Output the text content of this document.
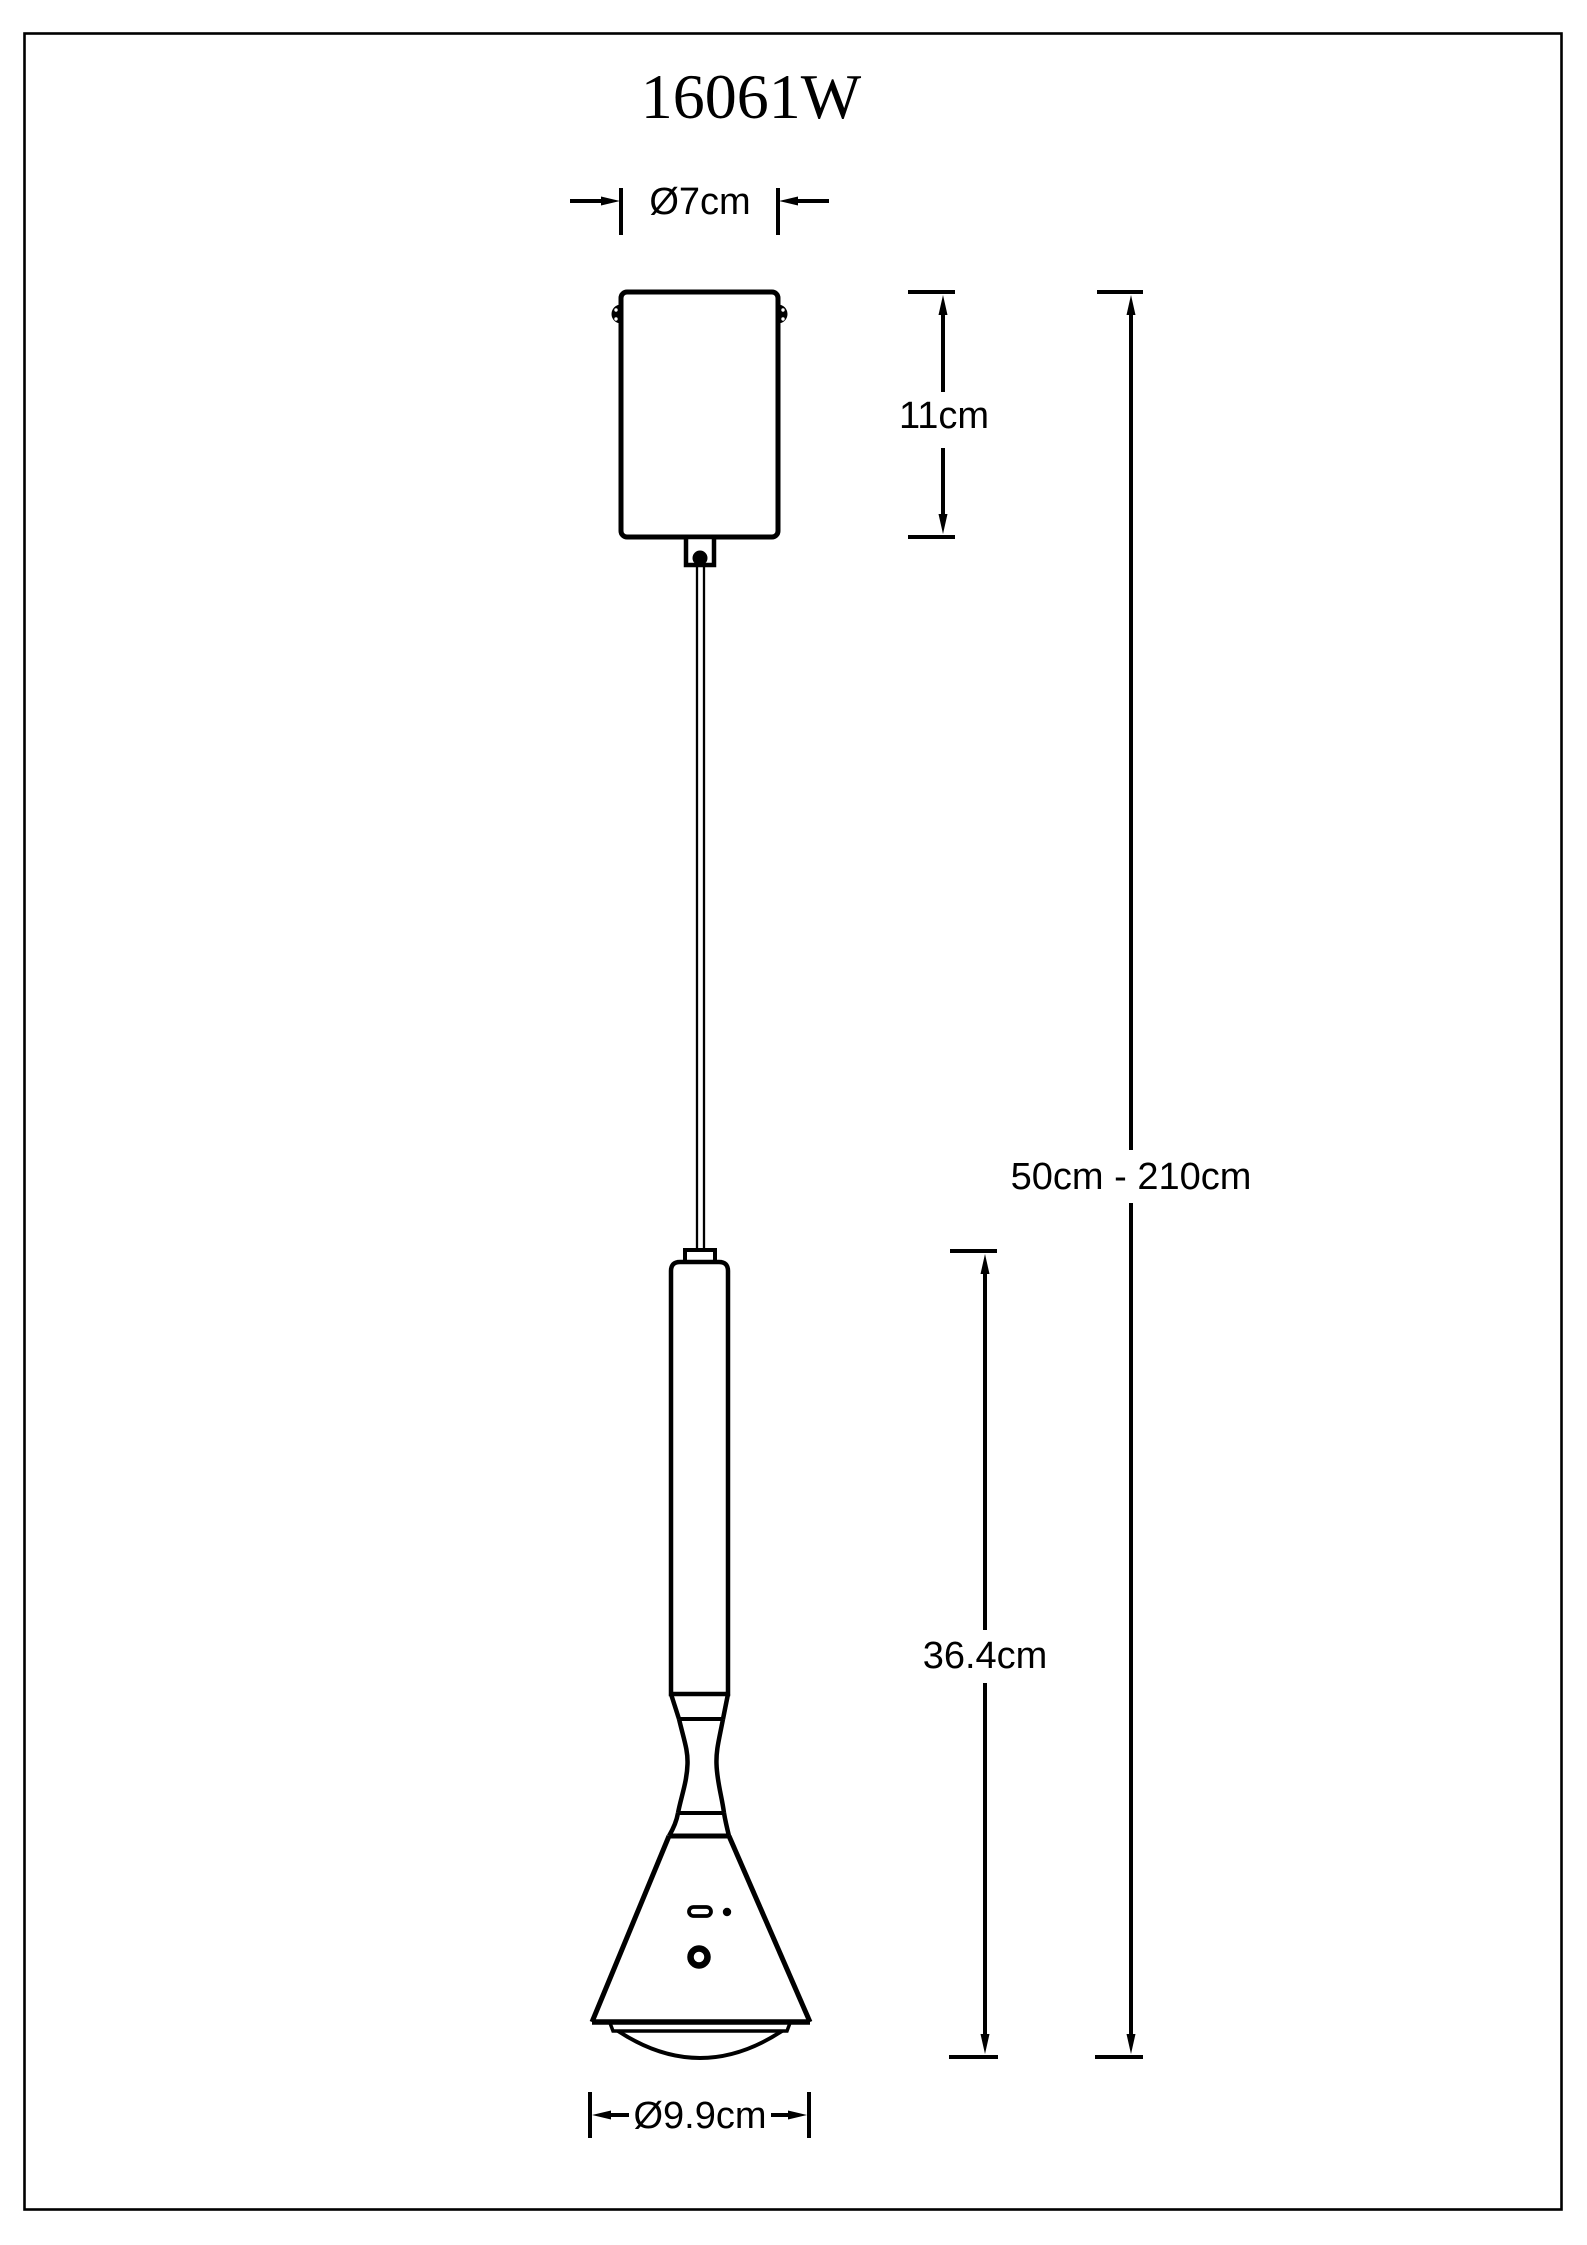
16061W
Ø7cm
11cm
50cm - 210cm
36.4cm
Ø9.9cm
